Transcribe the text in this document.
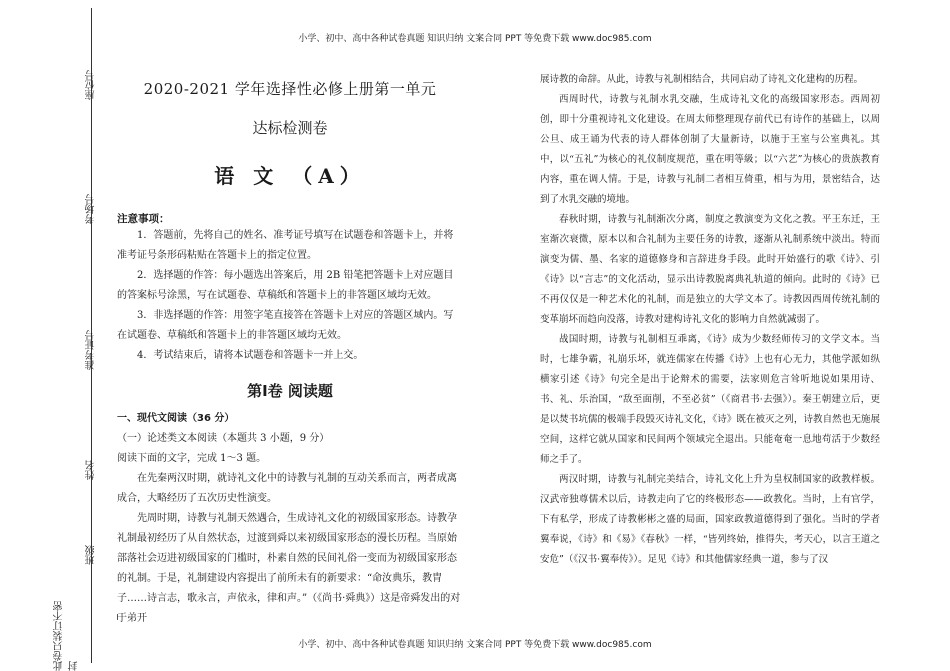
小学、初中、高中各种试卷真题 知识归纳 文案合同 PPT 等免费下载 www.doc985.com
座位号
考场号
准考证号
姓名
班级
此卷只装订不密封
2020-2021 学年选择性必修上册第一单元
达标检测卷
语 文 （A）
注意事项：

1．答题前，先将自己的姓名、准考证号填写在试题卷和答题卡上，并将准考证号条形码粘贴在答题卡上的指定位置。

2．选择题的作答：每小题选出答案后，用 2B 铅笔把答题卡上对应题目的答案标号涂黑，写在试题卷、草稿纸和答题卡上的非答题区域均无效。

3．非选择题的作答：用签字笔直接答在答题卡上对应的答题区域内。写在试题卷、草稿纸和答题卡上的非答题区域均无效。

4．考试结束后，请将本试题卷和答题卡一并上交。

第Ⅰ卷 阅读题

一、现代文阅读（36 分）

（一）论述类文本阅读（本题共 3 小题，9 分）

阅读下面的文字，完成 1～3 题。

在先秦两汉时期，就诗礼文化中的诗教与礼制的互动关系而言，两者成离成合，大略经历了五次历史性演变。

先周时期，诗教与礼制天然遇合，生成诗礼文化的初级国家形态。诗教孕礼制最初经历了从自然状态，过渡到舜以来初级国家形态的漫长历程。当原始部落社会迈进初级国家的门槛时，朴素自然的民间礼俗一变而为初级国家形态的礼制。于是，礼制建设内容提出了前所未有的新要求：“命汝典乐，教胄子……诗言志，歌永言，声依永，律和声。”（《尚书·舜典》）这是帝舜发出的对于弟开

展诗教的命辞。从此，诗教与礼制相结合，共同启动了诗礼文化建构的历程。

西周时代，诗教与礼制水乳交融，生成诗礼文化的高级国家形态。西周初创，即十分重视诗礼文化建设。在周太师整理现存前代已有诗作的基础上，以周公旦、成王诵为代表的诗人群体创制了大量新诗，以施于王室与公室典礼。其中，以“五礼”为核心的礼仪制度规范，重在明等級；以“六艺”为核心的贵族教育内容，重在调人情。于是，诗教与礼制二者相互倚重，相与为用，景密结合，达到了水乳交融的境地。

春秋时期，诗教与礼制渐次分离，制度之教演变为文化之教。平王东迁，王室渐次衰微，原本以和合礼制为主要任务的诗教，逐渐从礼制系统中淡出。特而演变为儒、墨、名家的道德修身和言辞进身手段。此时开始盛行的歌《诗》、引《诗》以“言志”的文化活动，显示出诗教脱离典礼轨道的倾向。此时的《诗》已不再仅仅是一种艺术化的礼制，而是独立的大学文本了。诗教因西周传统礼制的变革崩坏而趋向没落，诗教对建构诗礼文化的影响力自然就减弱了。

战国时期，诗教与礼制相互乖离，《诗》成为少数经师传习的文学文本。当时，七雄争霸，礼崩乐坏，就连儒家在传播《诗》上也有心无力，其他学派如纵横家引述《诗》句完全是出于论辩术的需要，法家则危言耸听地说如果用诗、书、礼、乐治国，“敌至面削，不至必贫”（《商君书·去强》）。秦王朝建立后，更是以焚书坑儒的极端手段毁灭诗礼文化，《诗》既在被灭之列，诗教自然也无施展空间，这样它就从国家和民间两个领域完全退出。只能奄奄一息地苟活于少数经师之手了。

两汉时期，诗教与礼制完美结合，诗礼文化上升为皇权制国家的政教样板。汉武帝独尊儒术以后，诗教走向了它的终极形态——政教化。当时，上有官学，下有私学，形成了诗教彬彬之盛的局面，国家政教道德得到了强化。当时的学者翼奉说，《诗》和《易》《春秋》一样，“皆列终始，推得失，考天心，以言王道之安危”（《汉书·翼奉传》）。足见《诗》和其他儒家经典一道，参与了汉

小学、初中、高中各种试卷真题 知识归纳 文案合同 PPT 等免费下载 www.doc985.com
